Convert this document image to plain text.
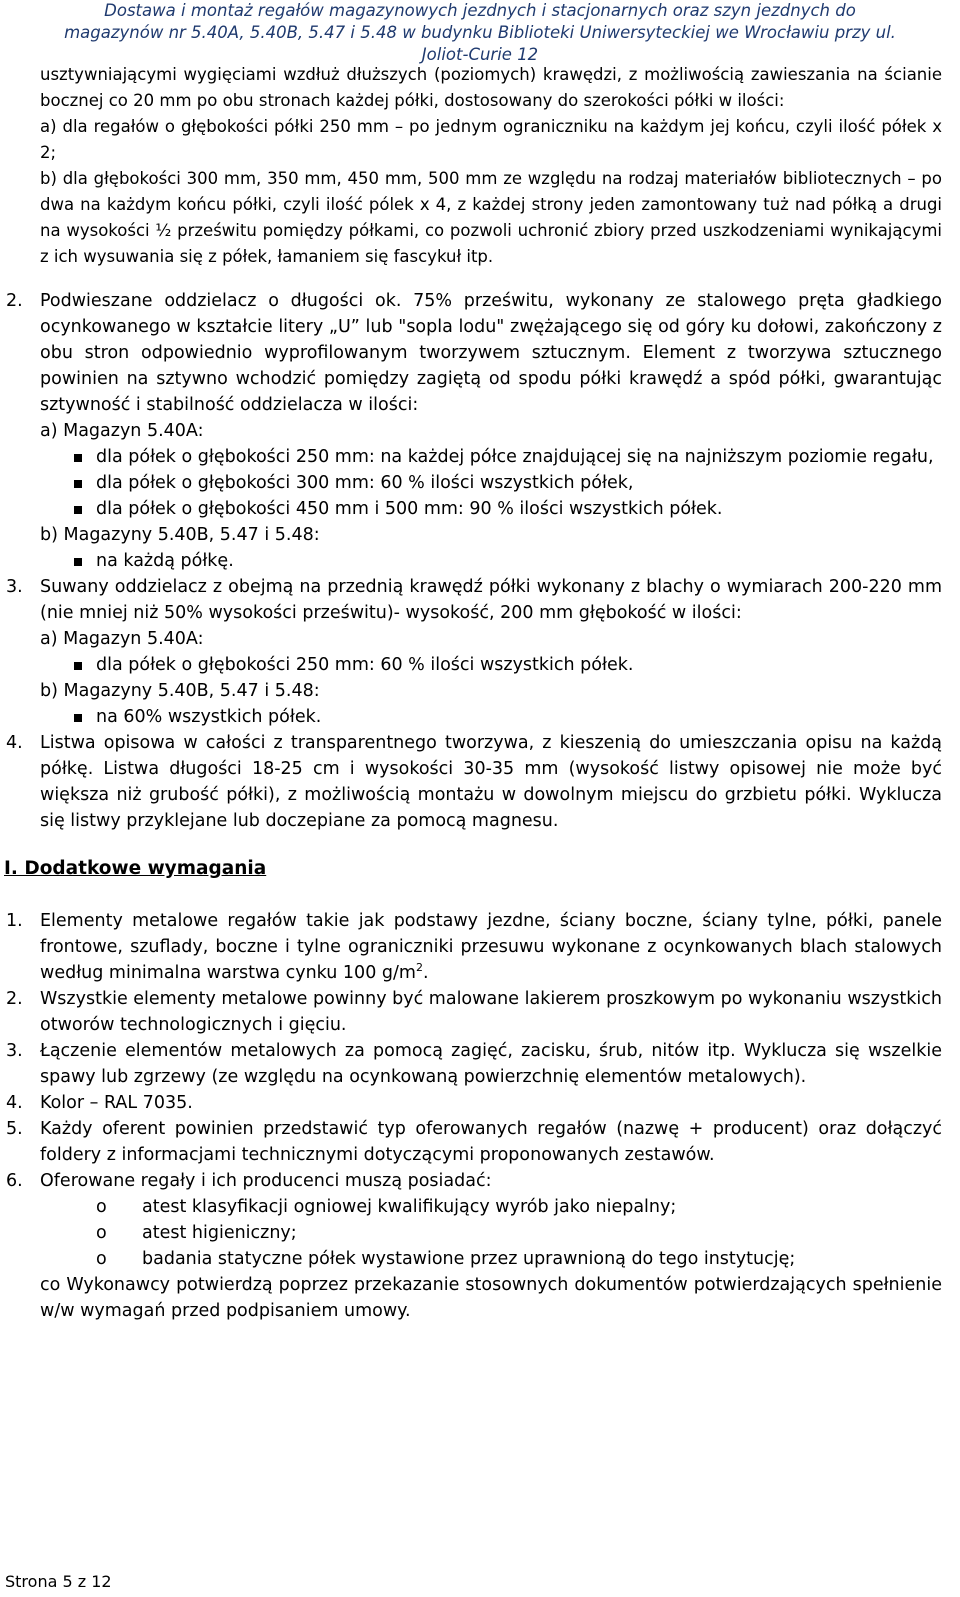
Dostawa i montaż regałów magazynowych jezdnych i stacjonarnych oraz szyn jezdnych do
magazynów nr 5.40A, 5.40B, 5.47 i 5.48 w budynku Biblioteki Uniwersyteckiej we Wrocławiu przy ul.
Joliot-Curie 12

usztywniającymi wygięciami wzdłuż dłuższych (poziomych) krawędzi, z możliwością zawieszania na ścianie bocznej co 20 mm po obu stronach każdej półki, dostosowany do szerokości półki w ilości:

a) dla regałów o głębokości półki 250 mm – po jednym ograniczniku na każdym jej końcu, czyli ilość półek x 2;

b) dla głębokości 300 mm, 350 mm, 450 mm, 500 mm ze względu na rodzaj materiałów bibliotecznych – po dwa na każdym końcu półki, czyli ilość pólek x 4, z każdej strony jeden zamontowany tuż nad półką a drugi na wysokości ½ prześwitu pomiędzy półkami, co pozwoli uchronić zbiory przed uszkodzeniami wynikającymi z ich wysuwania się z półek, łamaniem się fascykuł itp.

2. Podwieszane oddzielacz o długości ok. 75% prześwitu, wykonany ze stalowego pręta gładkiego ocynkowanego w kształcie litery „U” lub "sopla lodu" zwężającego się od góry ku dołowi, zakończony z obu stron odpowiednio wyprofilowanym tworzywem sztucznym. Element z tworzywa sztucznego powinien na sztywno wchodzić pomiędzy zagiętą od spodu półki krawędź a spód półki, gwarantując sztywność i stabilność oddzielacza w ilości:

a) Magazyn 5.40A:

dla półek o głębokości 250 mm: na każdej półce znajdującej się na najniższym poziomie regału,
dla półek o głębokości 300 mm: 60 % ilości wszystkich półek,
dla półek o głębokości 450 mm i 500 mm: 90 % ilości wszystkich półek.

b) Magazyny 5.40B, 5.47 i 5.48:

na każdą półkę.
3. Suwany oddzielacz z obejmą na przednią krawędź półki wykonany z blachy o wymiarach 200-220 mm (nie mniej niż 50% wysokości prześwitu)- wysokość, 200 mm głębokość w ilości:

a) Magazyn 5.40A:

dla półek o głębokości 250 mm: 60 % ilości wszystkich półek.

b) Magazyny 5.40B, 5.47 i 5.48:

na 60% wszystkich półek.
4. Listwa opisowa w całości z transparentnego tworzywa, z kieszenią do umieszczania opisu na każdą półkę. Listwa długości 18-25 cm i wysokości 30-35 mm (wysokość listwy opisowej nie może być większa niż grubość półki), z możliwością montażu w dowolnym miejscu do grzbietu półki. Wyklucza się listwy przyklejane lub doczepiane za pomocą magnesu.

I. Dodatkowe wymagania
1. Elementy metalowe regałów takie jak podstawy jezdne, ściany boczne, ściany tylne, półki, panele frontowe, szuflady, boczne i tylne ograniczniki przesuwu wykonane z ocynkowanych blach stalowych według minimalna warstwa cynku 100 $g/m^2$.

2. Wszystkie elementy metalowe powinny być malowane lakierem proszkowym po wykonaniu wszystkich otworów technologicznych i gięciu.

3. Łączenie elementów metalowych za pomocą zagięć, zacisku, śrub, nitów itp. Wyklucza się wszelkie spawy lub zgrzewy (ze względu na ocynkowaną powierzchnię elementów metalowych).

4. Kolor – RAL 7035.

5. Każdy oferent powinien przedstawić typ oferowanych regałów (nazwę + producent) oraz dołączyć foldery z informacjami technicznymi dotyczącymi proponowanych zestawów.

6. Oferowane regały i ich producenci muszą posiadać:

o atest klasyfikacji ogniowej kwalifikujący wyrób jako niepalny;
o atest higieniczny;
o badania statyczne półek wystawione przez uprawnioną do tego instytucję;

co Wykonawcy potwierdzą poprzez przekazanie stosownych dokumentów potwierdzających spełnienie w/w wymagań przed podpisaniem umowy.

Strona 5 z 12
